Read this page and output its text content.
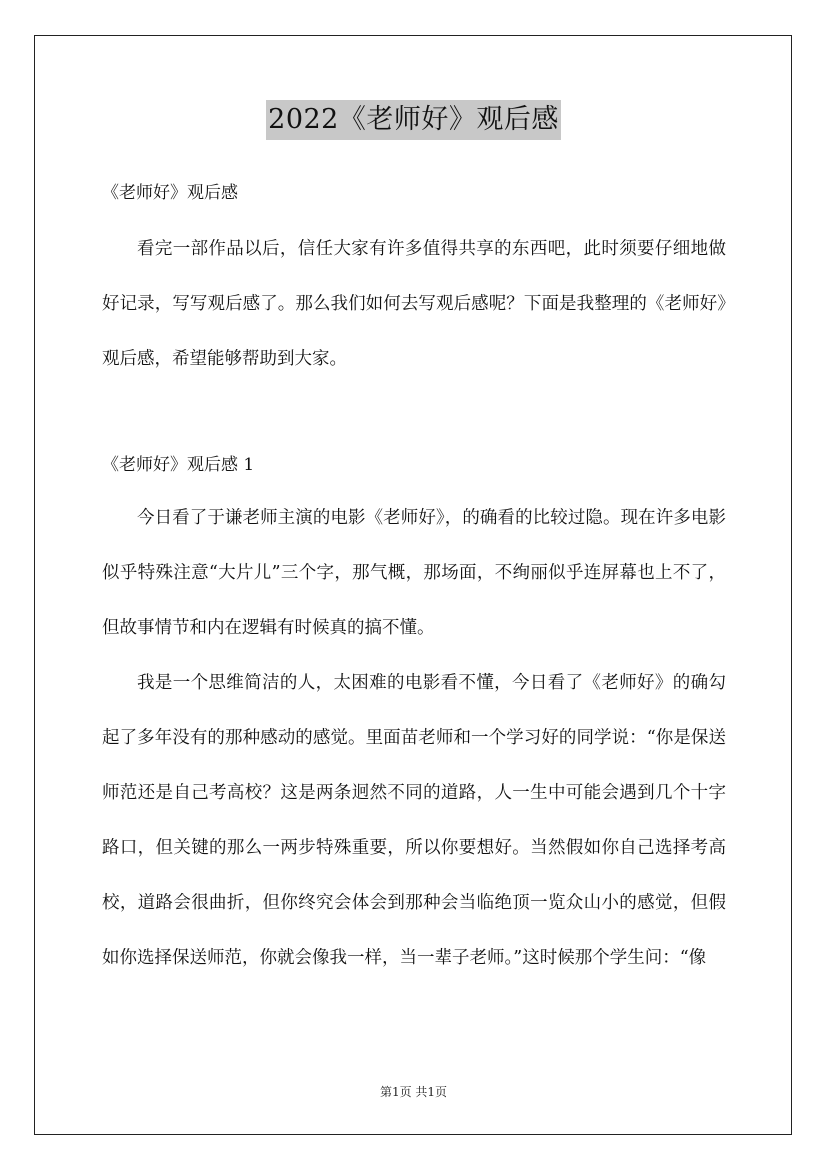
2022《老师好》观后感
《老师好》观后感

看完一部作品以后，信任大家有许多值得共享的东西吧，此时须要仔细地做好记录，写写观后感了。那么我们如何去写观后感呢？下面是我整理的《老师好》观后感，希望能够帮助到大家。

《老师好》观后感 1

今日看了于谦老师主演的电影《老师好》，的确看的比较过隐。现在许多电影似乎特殊注意“大片儿”三个字，那气概，那场面，不绚丽似乎连屏幕也上不了，但故事情节和内在逻辑有时候真的搞不懂。

我是一个思维简洁的人，太困难的电影看不懂，今日看了《老师好》的确勾起了多年没有的那种感动的感觉。里面苗老师和一个学习好的同学说：“你是保送师范还是自己考高校？这是两条迥然不同的道路，人一生中可能会遇到几个十字路口，但关键的那么一两步特殊重要，所以你要想好。当然假如你自己选择考高校，道路会很曲折，但你终究会体会到那种会当临绝顶一览众山小的感觉，但假如你选择保送师范，你就会像我一样，当一辈子老师。”这时候那个学生问：“像

第1页 共1页
